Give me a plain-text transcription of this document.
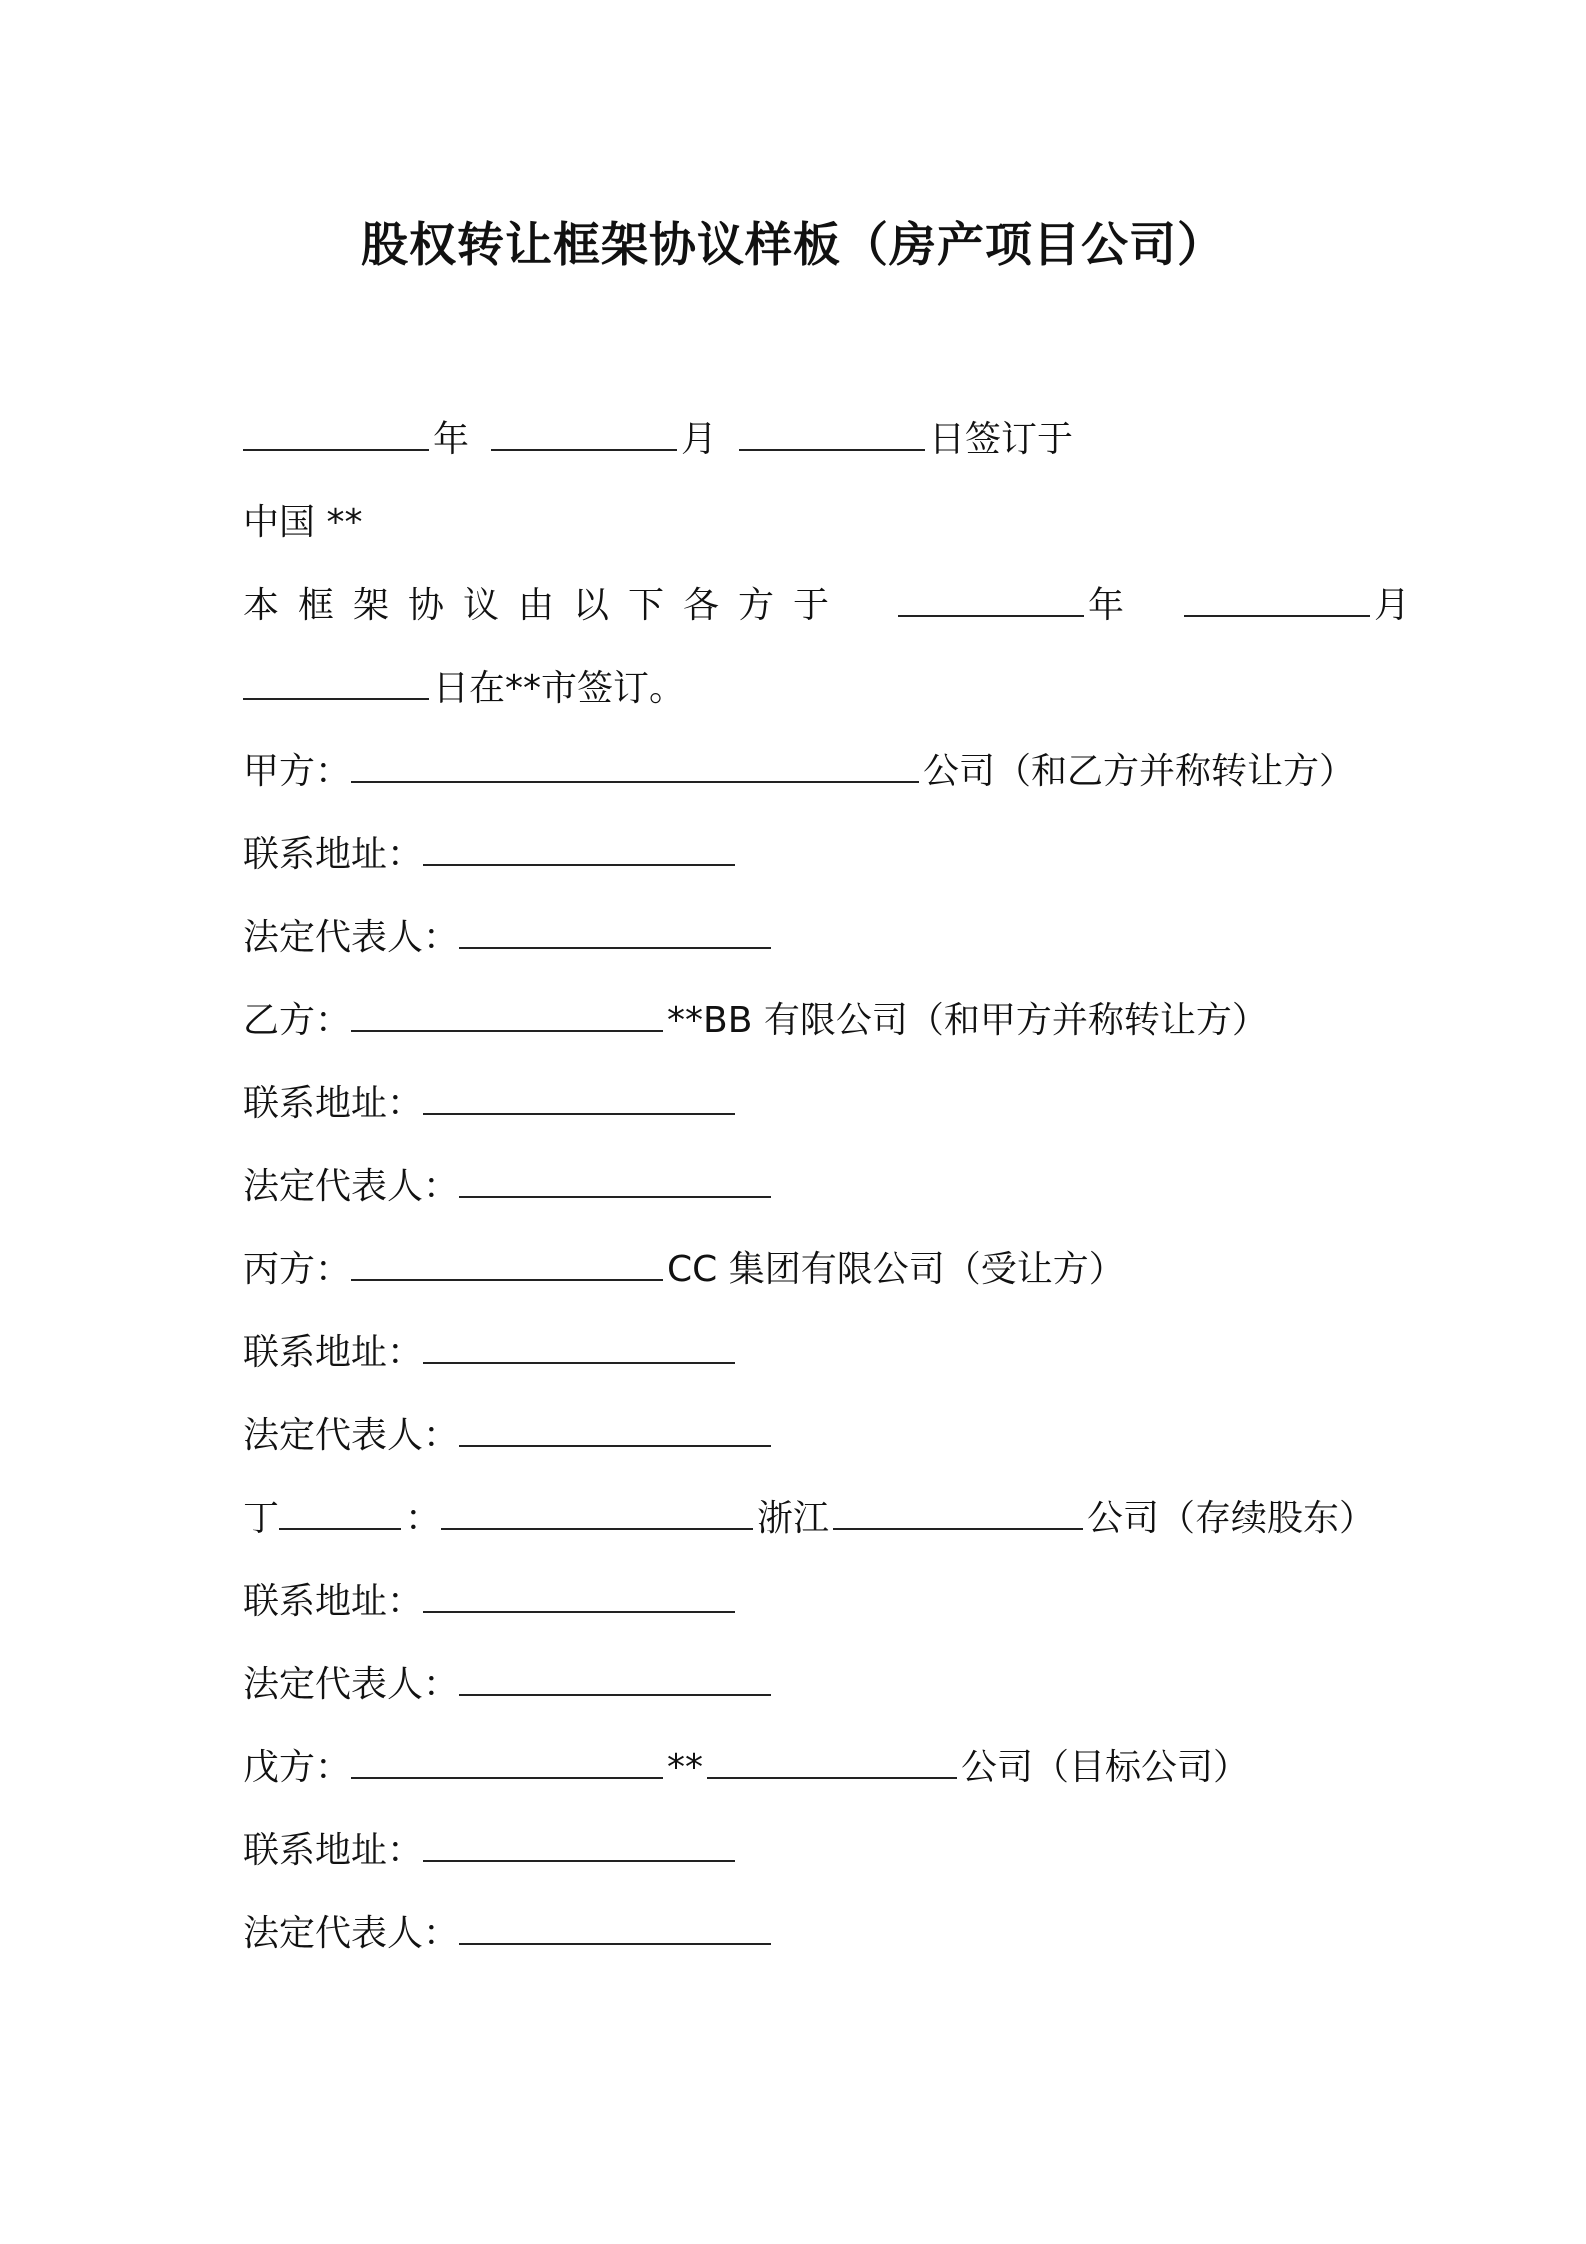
股权转让框架协议样板（房产项目公司）
年	月	日签订于
中国 **
本框架协议由以下各方于	年	月
日在**市签订。
甲方：	公司（和乙方并称转让方）
联系地址：
法定代表人：
乙方：	**BB 有限公司（和甲方并称转让方）
联系地址：
法定代表人：
丙方：	CC 集团有限公司（受让方）
联系地址：
法定代表人：
丁	：	浙江	公司（存续股东）
联系地址：
法定代表人：
戊方：	**	公司（目标公司）
联系地址：
法定代表人：
